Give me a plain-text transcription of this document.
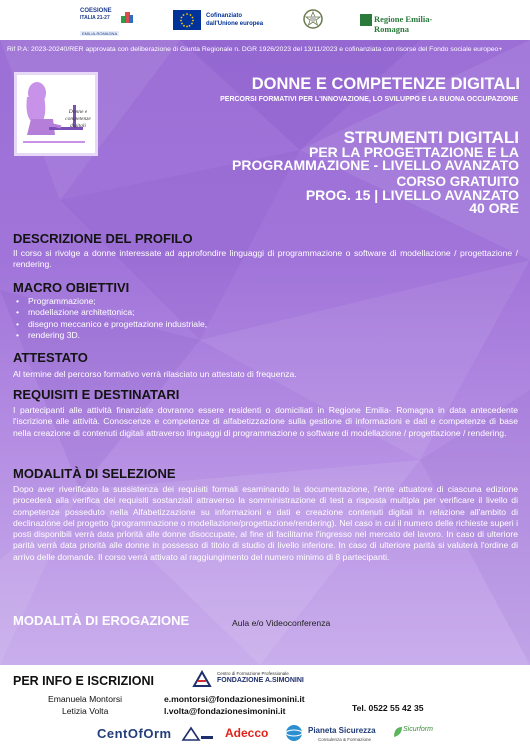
COESIONE
ITALIA 21-27
EMILIA-ROMAGNA
Cofinanziato
dall'Unione europea	Regione Emilia-Romagna
Rif P.A: 2023-20240/RER approvata con deliberazione di Giunta Regionale n. DGR 1926/2023 del 13/11/2023 e cofinanziata con risorse del Fondo sociale europeo+
Donne e
competenze digitali
DONNE E COMPETENZE DIGITALI
PERCORSI FORMATIVI PER L'INNOVAZIONE, LO SVILUPPO E LA BUONA OCCUPAZIONE
STRUMENTI DIGITALI
PER LA PROGETTAZIONE E LA
PROGRAMMAZIONE - LIVELLO AVANZATO
CORSO GRATUITO
PROG. 15 | LIVELLO AVANZATO
40 ORE
DESCRIZIONE DEL PROFILO
Il corso si rivolge a donne interessate ad approfondire linguaggi di programmazione o software di modellazione / progettazione / rendering.
MACRO OBIETTIVI
• Programmazione;
• modellazione architettonica;
• disegno meccanico e progettazione industriale,
• rendering 3D.
ATTESTATO
Al termine del percorso formativo verrà rilasciato un attestato di frequenza.
REQUISITI E DESTINATARI
I partecipanti alle attività finanziate dovranno essere residenti o domiciliati in Regione Emilia- Romagna in data antecedente l'iscrizione alle attività. Conoscenze e competenze di alfabetizzazione sulla gestione di informazioni e dati e competenze di base nella creazione di contenuti digitali attraverso linguaggi di programmazione o software di modellazione / progettazione / rendering.
MODALITÀ DI SELEZIONE
Dopo aver riverificato la sussistenza dei requisiti formali esaminando la documentazione, l'ente attuatore di ciascuna edizione procederà alla verifica dei requisiti sostanziali attraverso la somministrazione di test a risposta multipla per verificare il livello di competenze posseduto nella Alfabetizzazione su informazioni e dati e creazione contenuti digitali in relazione all'ambito di declinazione del progetto (programmazione o modellazione/progettazione/rendering). Nel caso in cui il numero delle richieste superi i posti disponibili verrà data priorità alle donne disoccupate, al fine di facilitarne l'ingresso nel mercato del lavoro. In caso di ulteriore parità verrà data priorità alle donne in possesso di titolo di studio di livello inferiore. In caso di ulteriore parità si valuterà l'ordine di arrivo delle domande. Il corso verrà attivato al raggiungimento del numero minimo di 8 partecipanti.
MODALITÀ DI EROGAZIONE	Aula e/o Videoconferenza
PER INFO E ISCRIZIONI
Centro di Formazione Professionale
FONDAZIONE A.SIMONINI
Emanuela Montorsi
Letizia Volta
e.montorsi@fondazionesimonini.it
l.volta@fondazionesimonini.it	Tel. 0522 55 42 35
CentOfOrm	Adecco	Pianeta Sicurezza
Consulenza & Formazione
Sicurform
